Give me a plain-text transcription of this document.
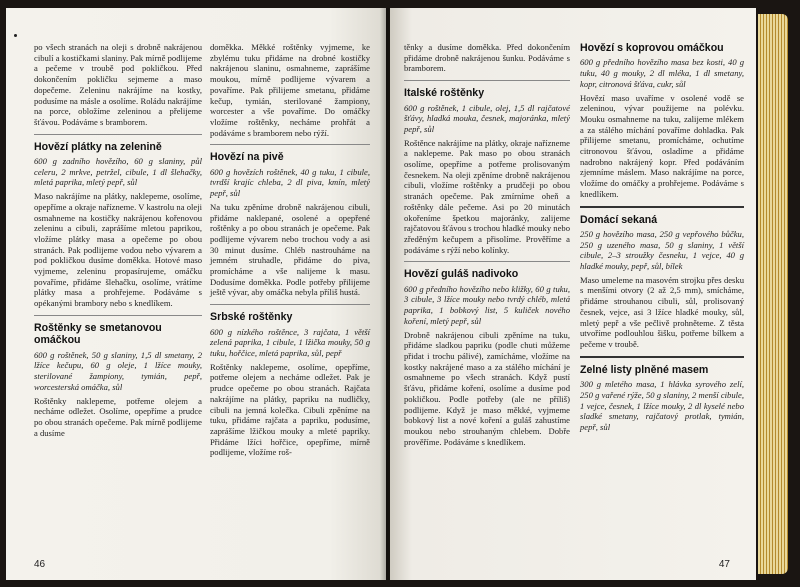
po všech stranách na oleji s drobně nakrájenou cibulí a kostičkami slaniny. Pak mírně podlijeme a pečeme v troubě pod pokličkou. Před dokončením pokličku sejmeme a maso dopečeme. Zeleninu nakrájíme na kostky, podusíme na másle a osolíme. Roládu nakrájíme na porce, obložíme zeleninou a přelijeme šťávou. Podáváme s bramborem.

Hovězí plátky na zelenině

600 g zadního hovězího, 60 g slaniny, půl celeru, 2 mrkve, petržel, cibule, 1 dl šlehačky, mletá paprika, mletý pepř, sůl

Maso nakrájíme na plátky, naklepeme, osolíme, opepříme a okraje nařízneme. V kastrolu na oleji osmahneme na kostičky nakrájenou kořenovou zeleninu a cibuli, zaprášíme mletou paprikou, vložíme plátky masa a opečeme po obou stranách. Pak podlijeme vodou nebo vývarem a pod pokličkou dusíme doměkka. Hotové maso vyjmeme, zeleninu propasírujeme, omáčku povaříme, přidáme šlehačku, osolíme, vrátíme plátky masa a prohřejeme. Podáváme s opékanými brambory nebo s knedlíkem.

Roštěnky se smetanovou omáčkou

600 g roštěnek, 50 g slaniny, 1,5 dl smetany, 2 lžíce kečupu, 60 g oleje, 1 lžíce mouky, sterilované žampiony, tymián, pepř, worcesterská omáčka, sůl

Roštěnky naklepeme, potřeme olejem a necháme odležet. Osolíme, opepříme a prudce po obou stranách opečeme. Pak mírně podlijeme a dusíme

doměkka. Měkké roštěnky vyjmeme, ke zbylému tuku přidáme na drobné kostičky nakrájenou slaninu, osmahneme, zaprášíme moukou, mírně podlijeme vývarem a povaříme. Pak přilijeme smetanu, přidáme kečup, tymián, sterilované žampiony, worcester a vše povaříme. Do omáčky vložíme roštěnky, necháme prohřát a podáváme s bramborem nebo rýží.

Hovězí na pivě

600 g hovězích roštěnek, 40 g tuku, 1 cibule, tvrdší krajíc chleba, 2 dl piva, kmín, mletý pepř, sůl

Na tuku zpěníme drobně nakrájenou cibuli, přidáme naklepané, osolené a opepřené roštěnky a po obou stranách je opečeme. Pak podlijeme vývarem nebo trochou vody a asi 30 minut dusíme. Chléb nastrouháme na jemném struhadle, přidáme do piva, promícháme a vše nalijeme k masu. Dodusíme doměkka. Podle potřeby přilijeme ještě vývar, aby omáčka nebyla příliš hustá.

Srbské roštěnky

600 g nízkého roštěnce, 3 rajčata, 1 větší zelená paprika, 1 cibule, 1 lžička mouky, 50 g tuku, hořčice, mletá paprika, sůl, pepř

Roštěnky naklepeme, osolíme, opepříme, potřeme olejem a necháme odležet. Pak je prudce opečeme po obou stranách. Rajčata nakrájíme na plátky, papriku na nudličky, cibuli na jemná kolečka. Cibuli zpěníme na tuku, přidáme rajčata a papriku, podusíme, zaprášíme lžičkou mouky a mleté papriky. Přidáme lžíci hořčice, opepříme, mírně podlijeme, vložíme roš-

46

těnky a dusíme doměkka. Před dokončením přidáme drobně nakrájenou šunku. Podáváme s bramborem.

Italské roštěnky

600 g roštěnek, 1 cibule, olej, 1,5 dl rajčatové šťávy, hladká mouka, česnek, majoránka, mletý pepř, sůl

Roštěnce nakrájíme na plátky, okraje nařízneme a naklepeme. Pak maso po obou stranách osolíme, opepříme a potřeme prolisovaným česnekem. Na oleji zpěníme drobně nakrájenou cibuli, vložíme roštěnky a prudčeji po obou stranách opečeme. Pak zmírníme oheň a roštěnky dále pečeme. Asi po 20 minutách okořeníme špetkou majoránky, zalijeme rajčatovou šťávou s trochou hladké mouky nebo zředěným kečupem a přisolíme. Prověříme a podáváme s rýží nebo kolínky.

Hovězí guláš nadivoko

600 g předního hovězího nebo kližky, 60 g tuku, 3 cibule, 3 lžíce mouky nebo tvrdý chléb, mletá paprika, 1 bobkový list, 5 kuliček nového koření, mletý pepř, sůl

Drobně nakrájenou cibuli zpěníme na tuku, přidáme sladkou papriku (podle chuti můžeme přidat i trochu pálivé), zamícháme, vložíme na kostky nakrájené maso a za stálého míchání je osmahneme po všech stranách. Když pustí šťávu, přidáme koření, osolíme a dusíme pod pokličkou. Podle potřeby (ale ne příliš) podlijeme. Když je maso měkké, vyjmeme bobkový list a nové koření a guláš zahustíme moukou nebo strouhaným chlebem. Dobře prověříme. Podáváme s knedlíkem.

Hovězí s koprovou omáčkou

600 g předního hovězího masa bez kosti, 40 g tuku, 40 g mouky, 2 dl mléka, 1 dl smetany, kopr, citronová šťáva, cukr, sůl

Hovězí maso uvaříme v osolené vodě se zeleninou, vývar použijeme na polévku. Mouku osmahneme na tuku, zalijeme mlékem a za stálého míchání povaříme dohladka. Pak přilijeme smetanu, promícháme, ochutíme citronovou šťávou, osladíme a přidáme nadrobno nakrájený kopr. Před podáváním zjemníme máslem. Maso nakrájíme na porce, vložíme do omáčky a prohřejeme. Podáváme s knedlíkem.

Domácí sekaná

250 g hovězího masa, 250 g vepřového bůčku, 250 g uzeného masa, 50 g slaniny, 1 větší cibule, 2–3 stroužky česneku, 1 vejce, 40 g hladké mouky, pepř, sůl, bílek

Maso umeleme na masovém strojku přes desku s menšími otvory (2 až 2,5 mm), smícháme, přidáme strouhanou cibuli, sůl, prolisovaný česnek, vejce, asi 3 lžíce hladké mouky, sůl, mletý pepř a vše pečlivě prohněteme. Z těsta utvoříme podlouhlou šišku, potřeme bílkem a pečeme v troubě.

Zelné listy plněné masem

300 g mletého masa, 1 hlávka syrového zelí, 250 g vařené rýže, 50 g slaniny, 2 menší cibule, 1 vejce, česnek, 1 lžíce mouky, 2 dl kyselé nebo sladké smetany, rajčatový protlak, tymián, pepř, sůl

47
